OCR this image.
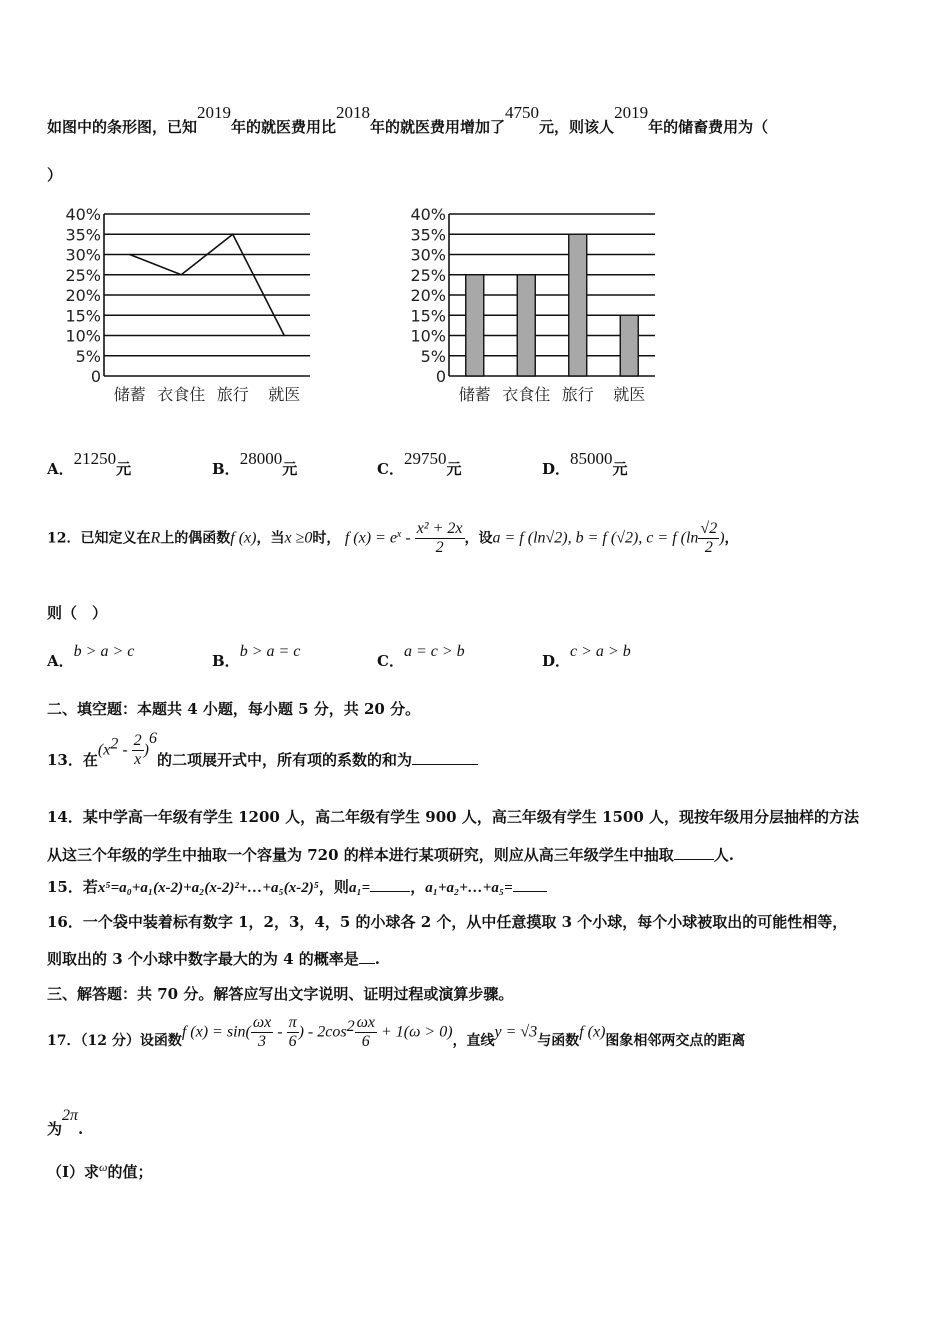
如图中的条形图，已知2019年的就医费用比2018年的就医费用增加了4750元，则该人2019年的储畜费用为（
）
40%
35%
30%
25%
20%
15%
10%
5%
0
储蓄 衣食住 旅行 就医
40%
35%
30%
25%
20%
15%
10%
5%
0
储蓄 衣食住 旅行 就医
A．21250元	B．28000元	C．29750元	D．85000元
12．已知定义在R上的偶函数f (x)，当x ≥0时， f $(x) = e^x - \frac{\text{x² + 2x}}{2}$ ，设a = f (ln√2), b = f (√2), c = f ($\ln \frac{√2}{2}$ )，
则（　）
A．b > a > c
B．b > a = c
C．a = c > b
D．c > a > b
二、填空题：本题共 4 小题，每小题 5 分，共 20 分。
13．在$(x^2 - \frac{2}{x} )^6$的二项展开式中，所有项的系数的和为
14．某中学高一年级有学生 1200 人，高二年级有学生 900 人，高三年级有学生 1500 人，现按年级用分层抽样的方法
从这三个年级的学生中抽取一个容量为 720 的样本进行某项研究，则应从高三年级学生中抽取	人.
15．若x⁵=a₀+a₁(x-2)+a₂(x-2)²+…+a₅(x-2)⁵，则a₁=	，a₁+a₂+…+a₅=
16．一个袋中装着标有数字 1，2，3，4，5 的小球各 2 个，从中任意摸取 3 个小球，每个小球被取出的可能性相等，
则取出的 3 个小球中数字最大的为 4 的概率是 .
三、解答题：共 70 分。解答应写出文字说明、证明过程或演算步骤。
17．（12 分）设函数f $(x) = \sin( \frac{\omega x}{3} - \frac{\pi}{6}$ ) - $2\cos^2 \frac{\omega x}{6} + 1(\omega > 0)$，直线y = √3与函数f (x)图象相邻两交点的距离
为2π.
（Ⅰ）求$^\omega$的值；
